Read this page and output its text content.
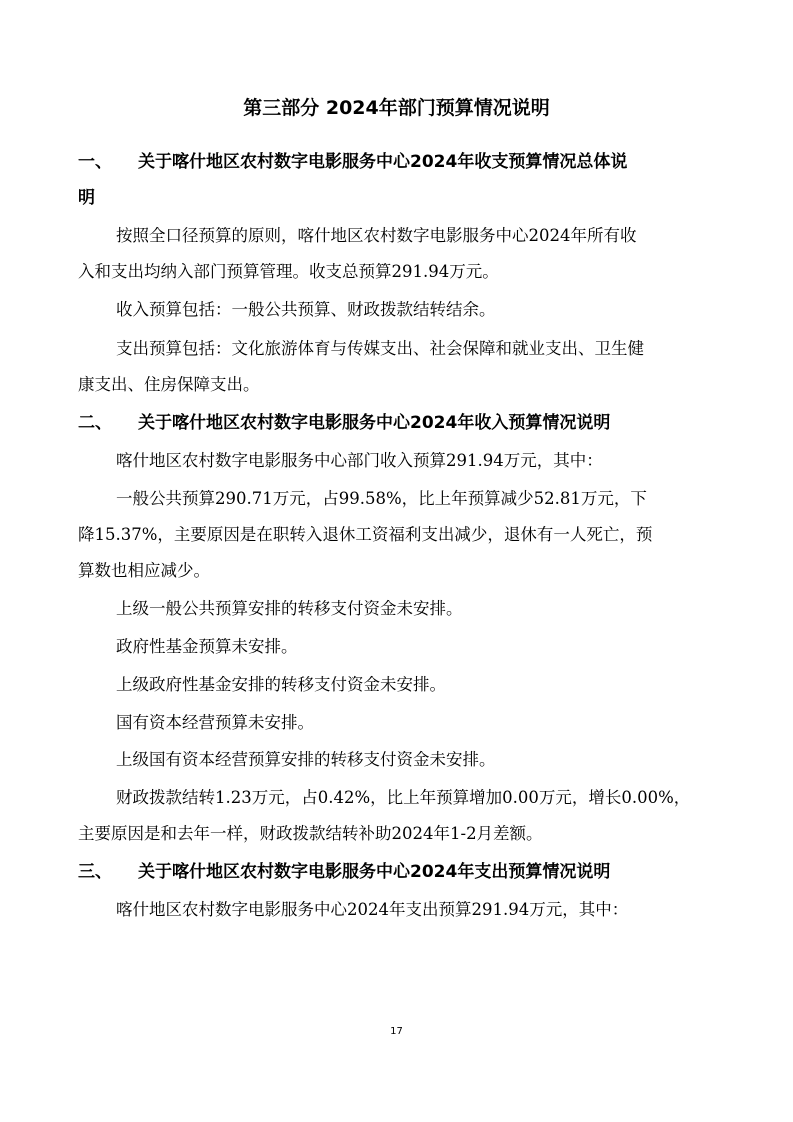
第三部分 2024年部门预算情况说明
一、 关于喀什地区农村数字电影服务中心2024年收支预算情况总体说
明
按照全口径预算的原则，喀什地区农村数字电影服务中心2024年所有收
入和支出均纳入部门预算管理。收支总预算291.94万元。
收入预算包括：一般公共预算、财政拨款结转结余。
支出预算包括：文化旅游体育与传媒支出、社会保障和就业支出、卫生健
康支出、住房保障支出。
二、 关于喀什地区农村数字电影服务中心2024年收入预算情况说明
喀什地区农村数字电影服务中心部门收入预算291.94万元，其中：
一般公共预算290.71万元，占99.58%，比上年预算减少52.81万元，下
降15.37%，主要原因是在职转入退休工资福利支出减少，退休有一人死亡，预
算数也相应减少。
上级一般公共预算安排的转移支付资金未安排。
政府性基金预算未安排。
上级政府性基金安排的转移支付资金未安排。
国有资本经营预算未安排。
上级国有资本经营预算安排的转移支付资金未安排。
财政拨款结转1.23万元，占0.42%，比上年预算增加0.00万元，增长0.00%，
主要原因是和去年一样，财政拨款结转补助2024年1-2月差额。
三、 关于喀什地区农村数字电影服务中心2024年支出预算情况说明
喀什地区农村数字电影服务中心2024年支出预算291.94万元，其中：
17
